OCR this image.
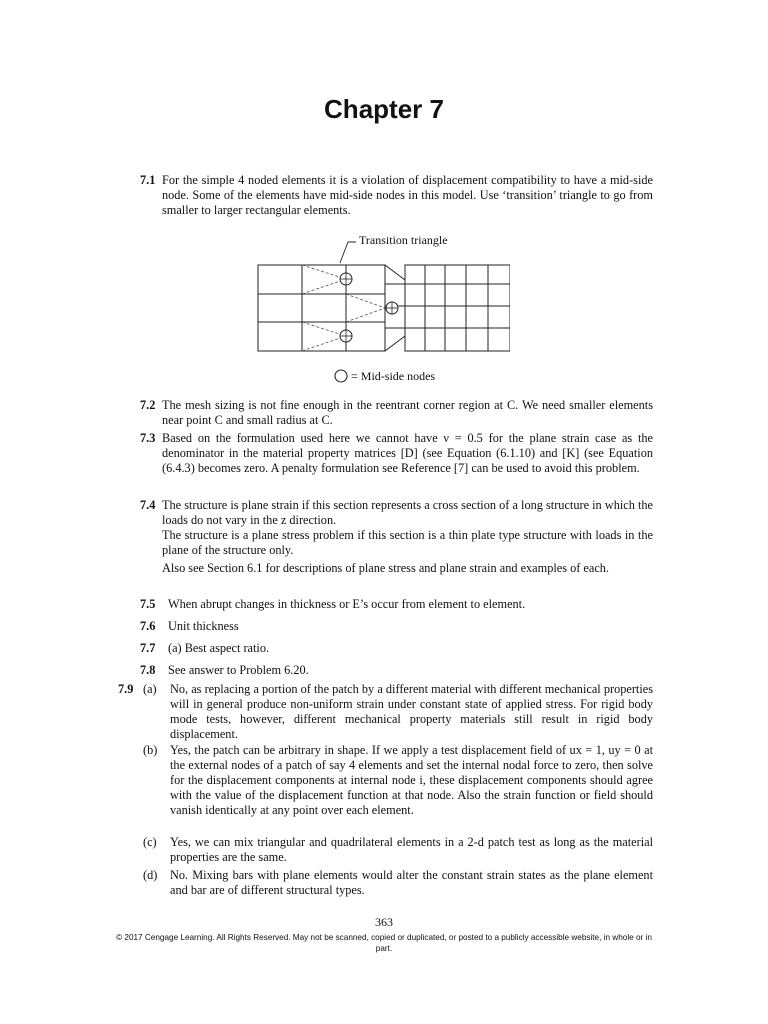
Chapter 7
7.1 For the simple 4 noded elements it is a violation of displacement compatibility to have a mid-side node. Some of the elements have mid-side nodes in this model. Use ‘transition’ triangle to go from smaller to larger rectangular elements.
Transition triangle
= Mid-side nodes
7.2 The mesh sizing is not fine enough in the reentrant corner region at C. We need smaller elements near point C and small radius at C.
7.3 Based on the formulation used here we cannot have ν = 0.5 for the plane strain case as the denominator in the material property matrices [D] (see Equation (6.1.10) and [K] (see Equation (6.4.3) becomes zero. A penalty formulation see Reference [7] can be used to avoid this problem.
7.4 The structure is plane strain if this section represents a cross section of a long structure in which the loads do not vary in the z direction.

The structure is a plane stress problem if this section is a thin plate type structure with loads in the plane of the structure only.

Also see Section 6.1 for descriptions of plane stress and plane strain and examples of each.

7.5 When abrupt changes in thickness or E’s occur from element to element.
7.6 Unit thickness
7.7 (a) Best aspect ratio.
7.8 See answer to Problem 6.20.
7.9 (a) No, as replacing a portion of the patch by a different material with different mechanical properties will in general produce non-uniform strain under constant state of applied stress. For rigid body mode tests, however, different mechanical property materials still result in rigid body displacement.
(b) Yes, the patch can be arbitrary in shape. If we apply a test displacement field of ux = 1, uy = 0 at the external nodes of a patch of say 4 elements and set the internal nodal force to zero, then solve for the displacement components at internal node i, these displacement components should agree with the value of the displacement function at that node. Also the strain function or field should vanish identically at any point over each element.
(c) Yes, we can mix triangular and quadrilateral elements in a 2-d patch test as long as the material properties are the same.
(d) No. Mixing bars with plane elements would alter the constant strain states as the plane element and bar are of different structural types.
363
© 2017 Cengage Learning. All Rights Reserved. May not be scanned, copied or duplicated, or posted to a publicly accessible website, in whole or in part.
